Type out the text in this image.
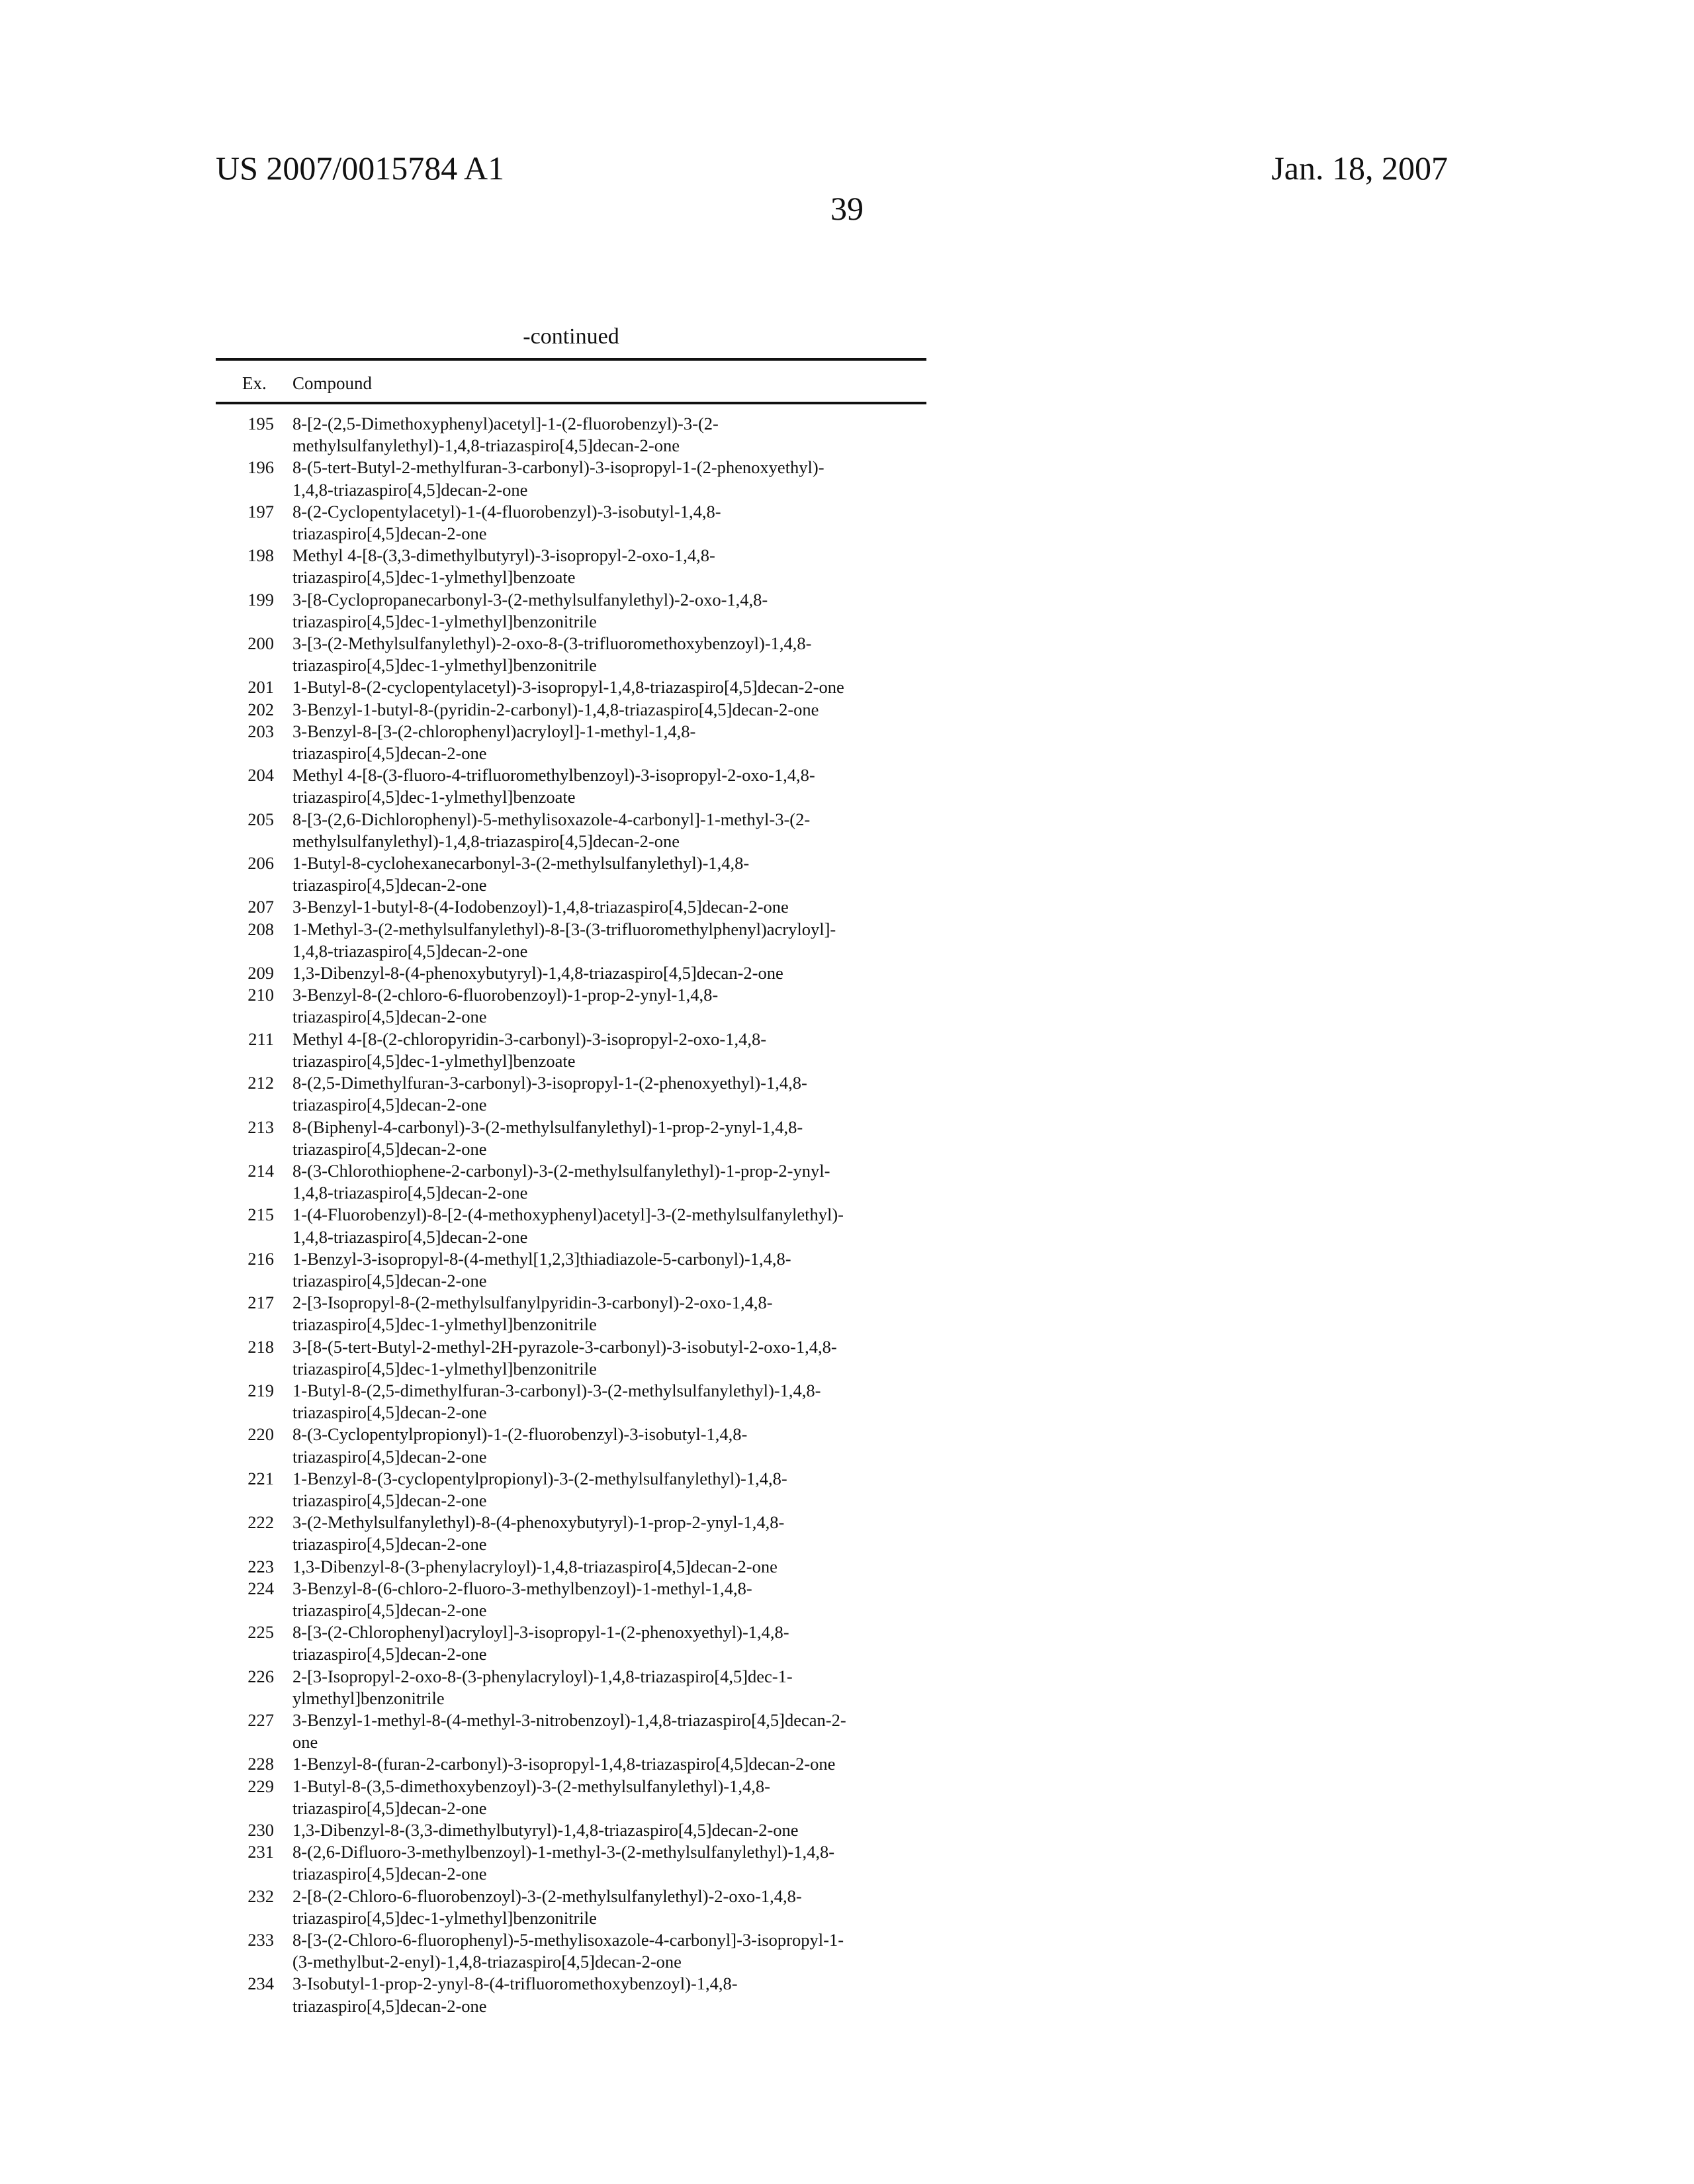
US 2007/0015784 A1
39
Jan. 18, 2007
-continued
Ex.	Compound
195 8-[2-(2,5-Dimethoxyphenyl)acetyl]-1-(2-fluorobenzyl)-3-(2-
methylsulfanylethyl)-1,4,8-triazaspiro[4,5]decan-2-one
196 8-(5-tert-Butyl-2-methylfuran-3-carbonyl)-3-isopropyl-1-(2-phenoxyethyl)-
1,4,8-triazaspiro[4,5]decan-2-one
197 8-(2-Cyclopentylacetyl)-1-(4-fluorobenzyl)-3-isobutyl-1,4,8-
triazaspiro[4,5]decan-2-one
198 Methyl 4-[8-(3,3-dimethylbutyryl)-3-isopropyl-2-oxo-1,4,8-
triazaspiro[4,5]dec-1-ylmethyl]benzoate
199 3-[8-Cyclopropanecarbonyl-3-(2-methylsulfanylethyl)-2-oxo-1,4,8-
triazaspiro[4,5]dec-1-ylmethyl]benzonitrile
200 3-[3-(2-Methylsulfanylethyl)-2-oxo-8-(3-trifluoromethoxybenzoyl)-1,4,8-
triazaspiro[4,5]dec-1-ylmethyl]benzonitrile
201 1-Butyl-8-(2-cyclopentylacetyl)-3-isopropyl-1,4,8-triazaspiro[4,5]decan-2-one
202 3-Benzyl-1-butyl-8-(pyridin-2-carbonyl)-1,4,8-triazaspiro[4,5]decan-2-one
203 3-Benzyl-8-[3-(2-chlorophenyl)acryloyl]-1-methyl-1,4,8-
triazaspiro[4,5]decan-2-one
204 Methyl 4-[8-(3-fluoro-4-trifluoromethylbenzoyl)-3-isopropyl-2-oxo-1,4,8-
triazaspiro[4,5]dec-1-ylmethyl]benzoate
205 8-[3-(2,6-Dichlorophenyl)-5-methylisoxazole-4-carbonyl]-1-methyl-3-(2-
methylsulfanylethyl)-1,4,8-triazaspiro[4,5]decan-2-one
206 1-Butyl-8-cyclohexanecarbonyl-3-(2-methylsulfanylethyl)-1,4,8-
triazaspiro[4,5]decan-2-one
207 3-Benzyl-1-butyl-8-(4-Iodobenzoyl)-1,4,8-triazaspiro[4,5]decan-2-one
208 1-Methyl-3-(2-methylsulfanylethyl)-8-[3-(3-trifluoromethylphenyl)acryloyl]-
1,4,8-triazaspiro[4,5]decan-2-one
209 1,3-Dibenzyl-8-(4-phenoxybutyryl)-1,4,8-triazaspiro[4,5]decan-2-one
210 3-Benzyl-8-(2-chloro-6-fluorobenzoyl)-1-prop-2-ynyl-1,4,8-
triazaspiro[4,5]decan-2-one
211 Methyl 4-[8-(2-chloropyridin-3-carbonyl)-3-isopropyl-2-oxo-1,4,8-
triazaspiro[4,5]dec-1-ylmethyl]benzoate
212 8-(2,5-Dimethylfuran-3-carbonyl)-3-isopropyl-1-(2-phenoxyethyl)-1,4,8-
triazaspiro[4,5]decan-2-one
213 8-(Biphenyl-4-carbonyl)-3-(2-methylsulfanylethyl)-1-prop-2-ynyl-1,4,8-
triazaspiro[4,5]decan-2-one
214 8-(3-Chlorothiophene-2-carbonyl)-3-(2-methylsulfanylethyl)-1-prop-2-ynyl-
1,4,8-triazaspiro[4,5]decan-2-one
215 1-(4-Fluorobenzyl)-8-[2-(4-methoxyphenyl)acetyl]-3-(2-methylsulfanylethyl)-
1,4,8-triazaspiro[4,5]decan-2-one
216 1-Benzyl-3-isopropyl-8-(4-methyl[1,2,3]thiadiazole-5-carbonyl)-1,4,8-
triazaspiro[4,5]decan-2-one
217 2-[3-Isopropyl-8-(2-methylsulfanylpyridin-3-carbonyl)-2-oxo-1,4,8-
triazaspiro[4,5]dec-1-ylmethyl]benzonitrile
218 3-[8-(5-tert-Butyl-2-methyl-2H-pyrazole-3-carbonyl)-3-isobutyl-2-oxo-1,4,8-
triazaspiro[4,5]dec-1-ylmethyl]benzonitrile
219 1-Butyl-8-(2,5-dimethylfuran-3-carbonyl)-3-(2-methylsulfanylethyl)-1,4,8-
triazaspiro[4,5]decan-2-one
220 8-(3-Cyclopentylpropionyl)-1-(2-fluorobenzyl)-3-isobutyl-1,4,8-
triazaspiro[4,5]decan-2-one
221 1-Benzyl-8-(3-cyclopentylpropionyl)-3-(2-methylsulfanylethyl)-1,4,8-
triazaspiro[4,5]decan-2-one
222 3-(2-Methylsulfanylethyl)-8-(4-phenoxybutyryl)-1-prop-2-ynyl-1,4,8-
triazaspiro[4,5]decan-2-one
223 1,3-Dibenzyl-8-(3-phenylacryloyl)-1,4,8-triazaspiro[4,5]decan-2-one
224 3-Benzyl-8-(6-chloro-2-fluoro-3-methylbenzoyl)-1-methyl-1,4,8-
triazaspiro[4,5]decan-2-one
225 8-[3-(2-Chlorophenyl)acryloyl]-3-isopropyl-1-(2-phenoxyethyl)-1,4,8-
triazaspiro[4,5]decan-2-one
226 2-[3-Isopropyl-2-oxo-8-(3-phenylacryloyl)-1,4,8-triazaspiro[4,5]dec-1-
ylmethyl]benzonitrile
227 3-Benzyl-1-methyl-8-(4-methyl-3-nitrobenzoyl)-1,4,8-triazaspiro[4,5]decan-2-
one
228 1-Benzyl-8-(furan-2-carbonyl)-3-isopropyl-1,4,8-triazaspiro[4,5]decan-2-one
229 1-Butyl-8-(3,5-dimethoxybenzoyl)-3-(2-methylsulfanylethyl)-1,4,8-
triazaspiro[4,5]decan-2-one
230 1,3-Dibenzyl-8-(3,3-dimethylbutyryl)-1,4,8-triazaspiro[4,5]decan-2-one
231 8-(2,6-Difluoro-3-methylbenzoyl)-1-methyl-3-(2-methylsulfanylethyl)-1,4,8-
triazaspiro[4,5]decan-2-one
232 2-[8-(2-Chloro-6-fluorobenzoyl)-3-(2-methylsulfanylethyl)-2-oxo-1,4,8-
triazaspiro[4,5]dec-1-ylmethyl]benzonitrile
233 8-[3-(2-Chloro-6-fluorophenyl)-5-methylisoxazole-4-carbonyl]-3-isopropyl-1-
(3-methylbut-2-enyl)-1,4,8-triazaspiro[4,5]decan-2-one
234 3-Isobutyl-1-prop-2-ynyl-8-(4-trifluoromethoxybenzoyl)-1,4,8-
triazaspiro[4,5]decan-2-one
